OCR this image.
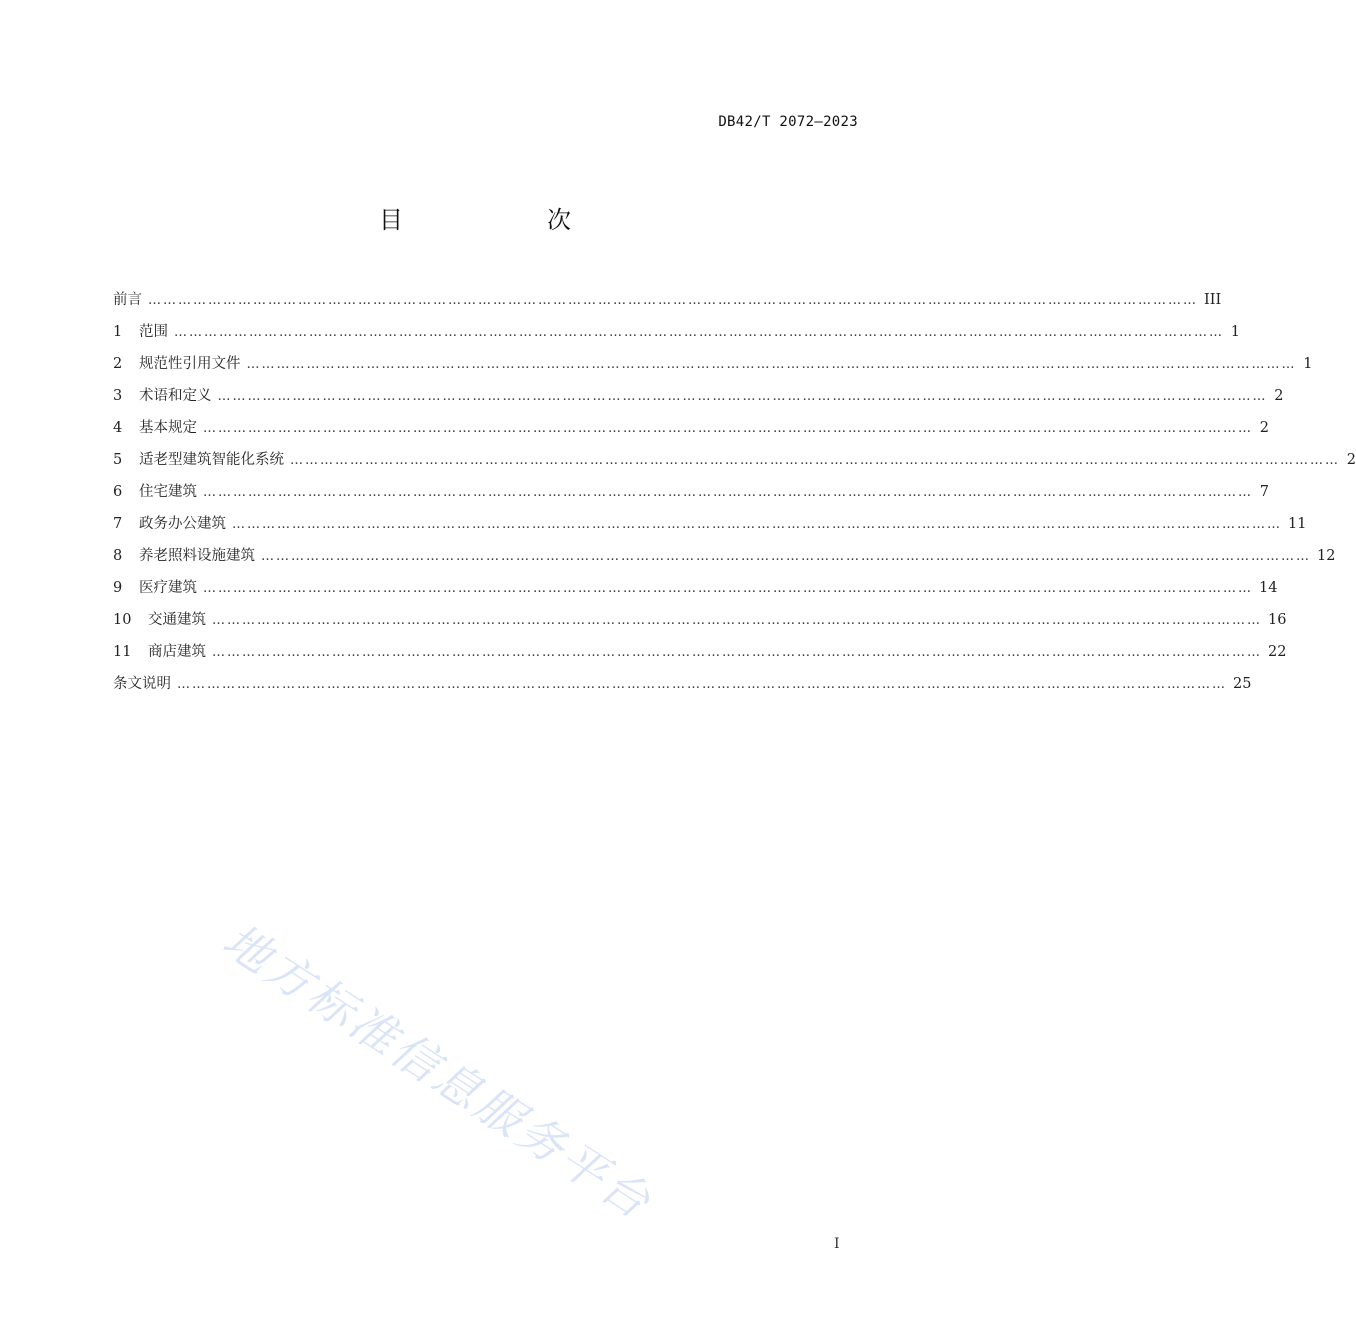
DB42/T 2072—2023
目　次
前言 ………………………………………………………………………………………………………………………………………………………………………………………… III
1	范围 ………………………………………………………………………………………………………………………………………………………………………………………… 1
2	规范性引用文件 ………………………………………………………………………………………………………………………………………………………………………………………… 1
3	术语和定义 ………………………………………………………………………………………………………………………………………………………………………………………… 2
4	基本规定 ………………………………………………………………………………………………………………………………………………………………………………………… 2
5	适老型建筑智能化系统 ………………………………………………………………………………………………………………………………………………………………………………………… 2
6	住宅建筑 ………………………………………………………………………………………………………………………………………………………………………………………… 7
7	政务办公建筑 ………………………………………………………………………………………………………………………………………………………………………………………… 11
8	养老照料设施建筑 ………………………………………………………………………………………………………………………………………………………………………………………… 12
9	医疗建筑 ………………………………………………………………………………………………………………………………………………………………………………………… 14
10	交通建筑 ………………………………………………………………………………………………………………………………………………………………………………………… 16
11	商店建筑 ………………………………………………………………………………………………………………………………………………………………………………………… 22
条文说明 ………………………………………………………………………………………………………………………………………………………………………………………… 25
地方标准信息服务平台
I
